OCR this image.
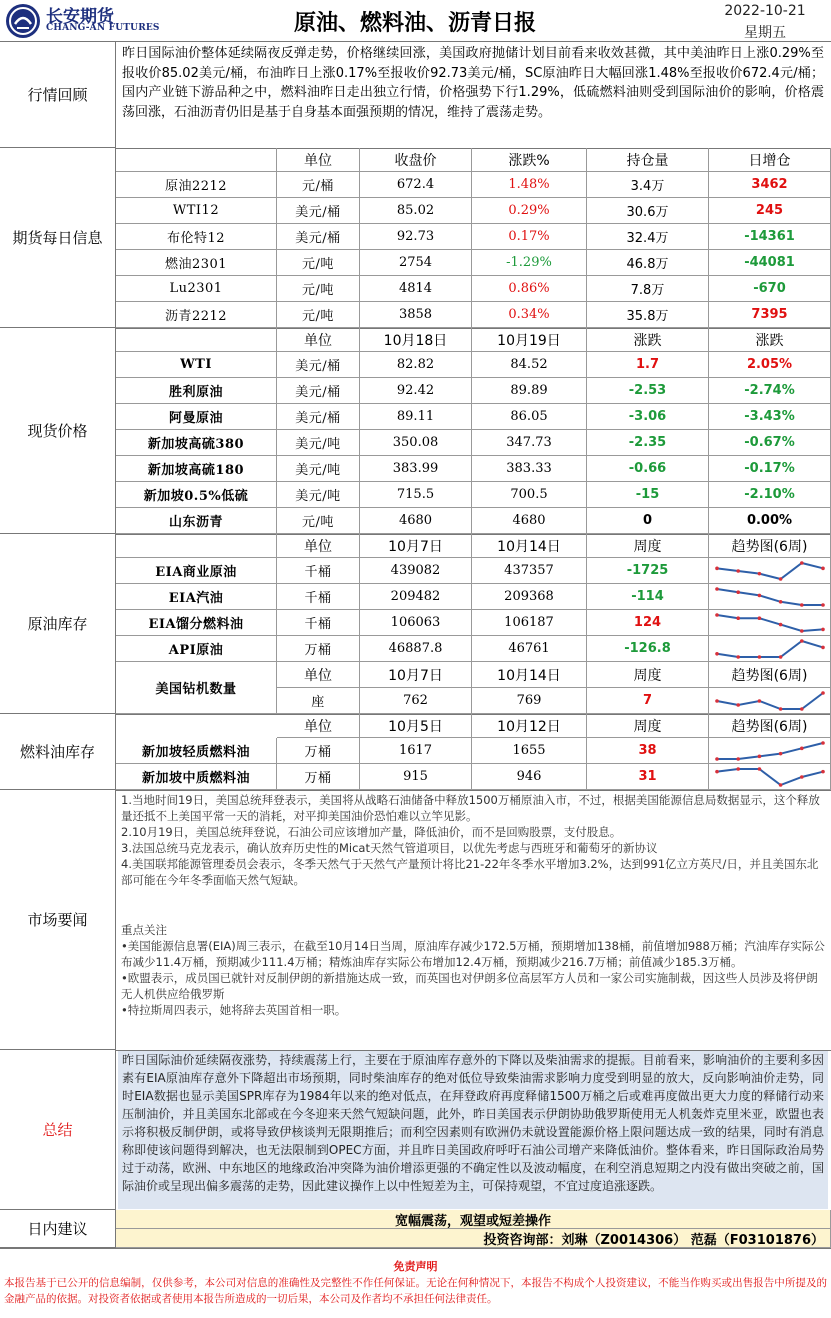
长安期货
CHANG-AN FUTURES	原油、燃料油、沥青日报	2022-10-21
星期五
行情回顾
昨日国际油价整体延续隔夜反弹走势，价格继续回涨，美国政府抛储计划目前看来收效甚微，其中美油昨日上涨0.29%至报收价85.02美元/桶，布油昨日上涨0.17%至报收价92.73美元/桶，SC原油昨日大幅回涨1.48%至报收价672.4元/桶；国内产业链下游品种之中，燃料油昨日走出独立行情，价格强势下行1.29%，低硫燃料油则受到国际油价的影响，价格震荡回涨，石油沥青仍旧是基于自身基本面强预期的情况，维持了震荡走势。
期货每日信息
现货价格
原油库存
燃料油库存
市场要闻

1.当地时间19日，美国总统拜登表示，美国将从战略石油储备中释放1500万桶原油入市，不过，根据美国能源信息局数据显示，这个释放量还抵不上美国平常一天的消耗，对平抑美国油价恐怕难以立竿见影。

2.10月19日，美国总统拜登说，石油公司应该增加产量，降低油价，而不是回购股票，支付股息。

3.法国总统马克龙表示，确认放弃历史性的Micat天然气管道项目，以优先考虑与西班牙和葡萄牙的新协议

4.美国联邦能源管理委员会表示，冬季天然气于天然气产量预计将比21-22年冬季水平增加3.2%，达到991亿立方英尺/日，并且美国东北部可能在今年冬季面临天然气短缺。

重点关注

•美国能源信息署(EIA)周三表示，在截至10月14日当周，原油库存减少172.5万桶，预期增加138桶，前值增加988万桶；汽油库存实际公布减少11.4万桶，预期减少111.4万桶；精炼油库存实际公布增加12.4万桶，预期减少216.7万桶；前值减少185.3万桶。

•欧盟表示，成员国已就针对反制伊朗的新措施达成一致，而英国也对伊朗多位高层军方人员和一家公司实施制裁，因这些人员涉及将伊朗无人机供应给俄罗斯

•特拉斯周四表示，她将辞去英国首相一职。

总结
昨日国际油价延续隔夜涨势，持续震荡上行，主要在于原油库存意外的下降以及柴油需求的提振。目前看来，影响油价的主要利多因素有EIA原油库存意外下降超出市场预期，同时柴油库存的绝对低位导致柴油需求影响力度受到明显的放大，反向影响油价走势，同时EIA数据也显示美国SPR库存为1984年以来的绝对低点，在拜登政府再度释储1500万桶之后或难再度做出更大力度的释储行动来压制油价，并且美国东北部或在今冬迎来天然气短缺问题，此外，昨日美国表示伊朗协助俄罗斯使用无人机轰炸克里米亚，欧盟也表示将积极反制伊朗，或将导致伊核谈判无限期推后；而利空因素则有欧洲仍未就设置能源价格上限问题达成一致的结果，同时有消息称即使该问题得到解决，也无法限制到OPEC方面，并且昨日美国政府呼吁石油公司增产来降低油价。整体看来，昨日国际政治局势过于动荡，欧洲、中东地区的地缘政治冲突降为油价增添更强的不确定性以及波动幅度，在利空消息短期之内没有做出突破之前，国际油价或呈现出偏多震荡的走势，因此建议操作上以中性短差为主，可保持观望，不宜过度追涨逐跌。
日内建议	宽幅震荡，观望或短差操作
投资咨询部：刘琳（Z0014306） 范磊（F03101876）
免责声明
本报告基于已公开的信息编制，仅供参考，本公司对信息的准确性及完整性不作任何保证。无论在何种情况下，本报告不构成个人投资建议，不能当作购买或出售报告中所提及的金融产品的依据。对投资者依据或者使用本报告所造成的一切后果，本公司及作者均不承担任何法律责任。
单位	收盘价	涨跌%	持仓量	日增仓
原油2212	元/桶	672.4	1.48%	3.4万	3462
WTI12	美元/桶	85.02	0.29%	30.6万	245
布伦特12	美元/桶	92.73	0.17%	32.4万	-14361
燃油2301	元/吨	2754	-1.29%	46.8万	-44081
Lu2301	元/吨	4814	0.86%	7.8万	-670
沥青2212	元/吨	3858	0.34%	35.8万	7395
单位	10月18日	10月19日	涨跌	涨跌
WTI	美元/桶	82.82	84.52	1.7	2.05%
胜利原油	美元/桶	92.42	89.89	-2.53	-2.74%
阿曼原油	美元/桶	89.11	86.05	-3.06	-3.43%
新加坡高硫380	美元/吨	350.08	347.73	-2.35	-0.67%
新加坡高硫180	美元/吨	383.99	383.33	-0.66	-0.17%
新加坡0.5%低硫	美元/吨	715.5	700.5	-15	-2.10%
山东沥青	元/吨	4680	4680	0	0.00%
单位	10月7日	10月14日	周度	趋势图(6周)
EIA商业原油	千桶	439082	437357	-1725
EIA汽油	千桶	209482	209368	-114
EIA馏分燃料油	千桶	106063	106187	124
API原油	万桶	46887.8	46761	-126.8
美国钻机数量
单位	10月7日	10月14日	周度	趋势图(6周)
座	762	769	7
单位	10月5日	10月12日	周度	趋势图(6周)
新加坡轻质燃料油	万桶	1617	1655	38
新加坡中质燃料油	万桶	915	946	31
